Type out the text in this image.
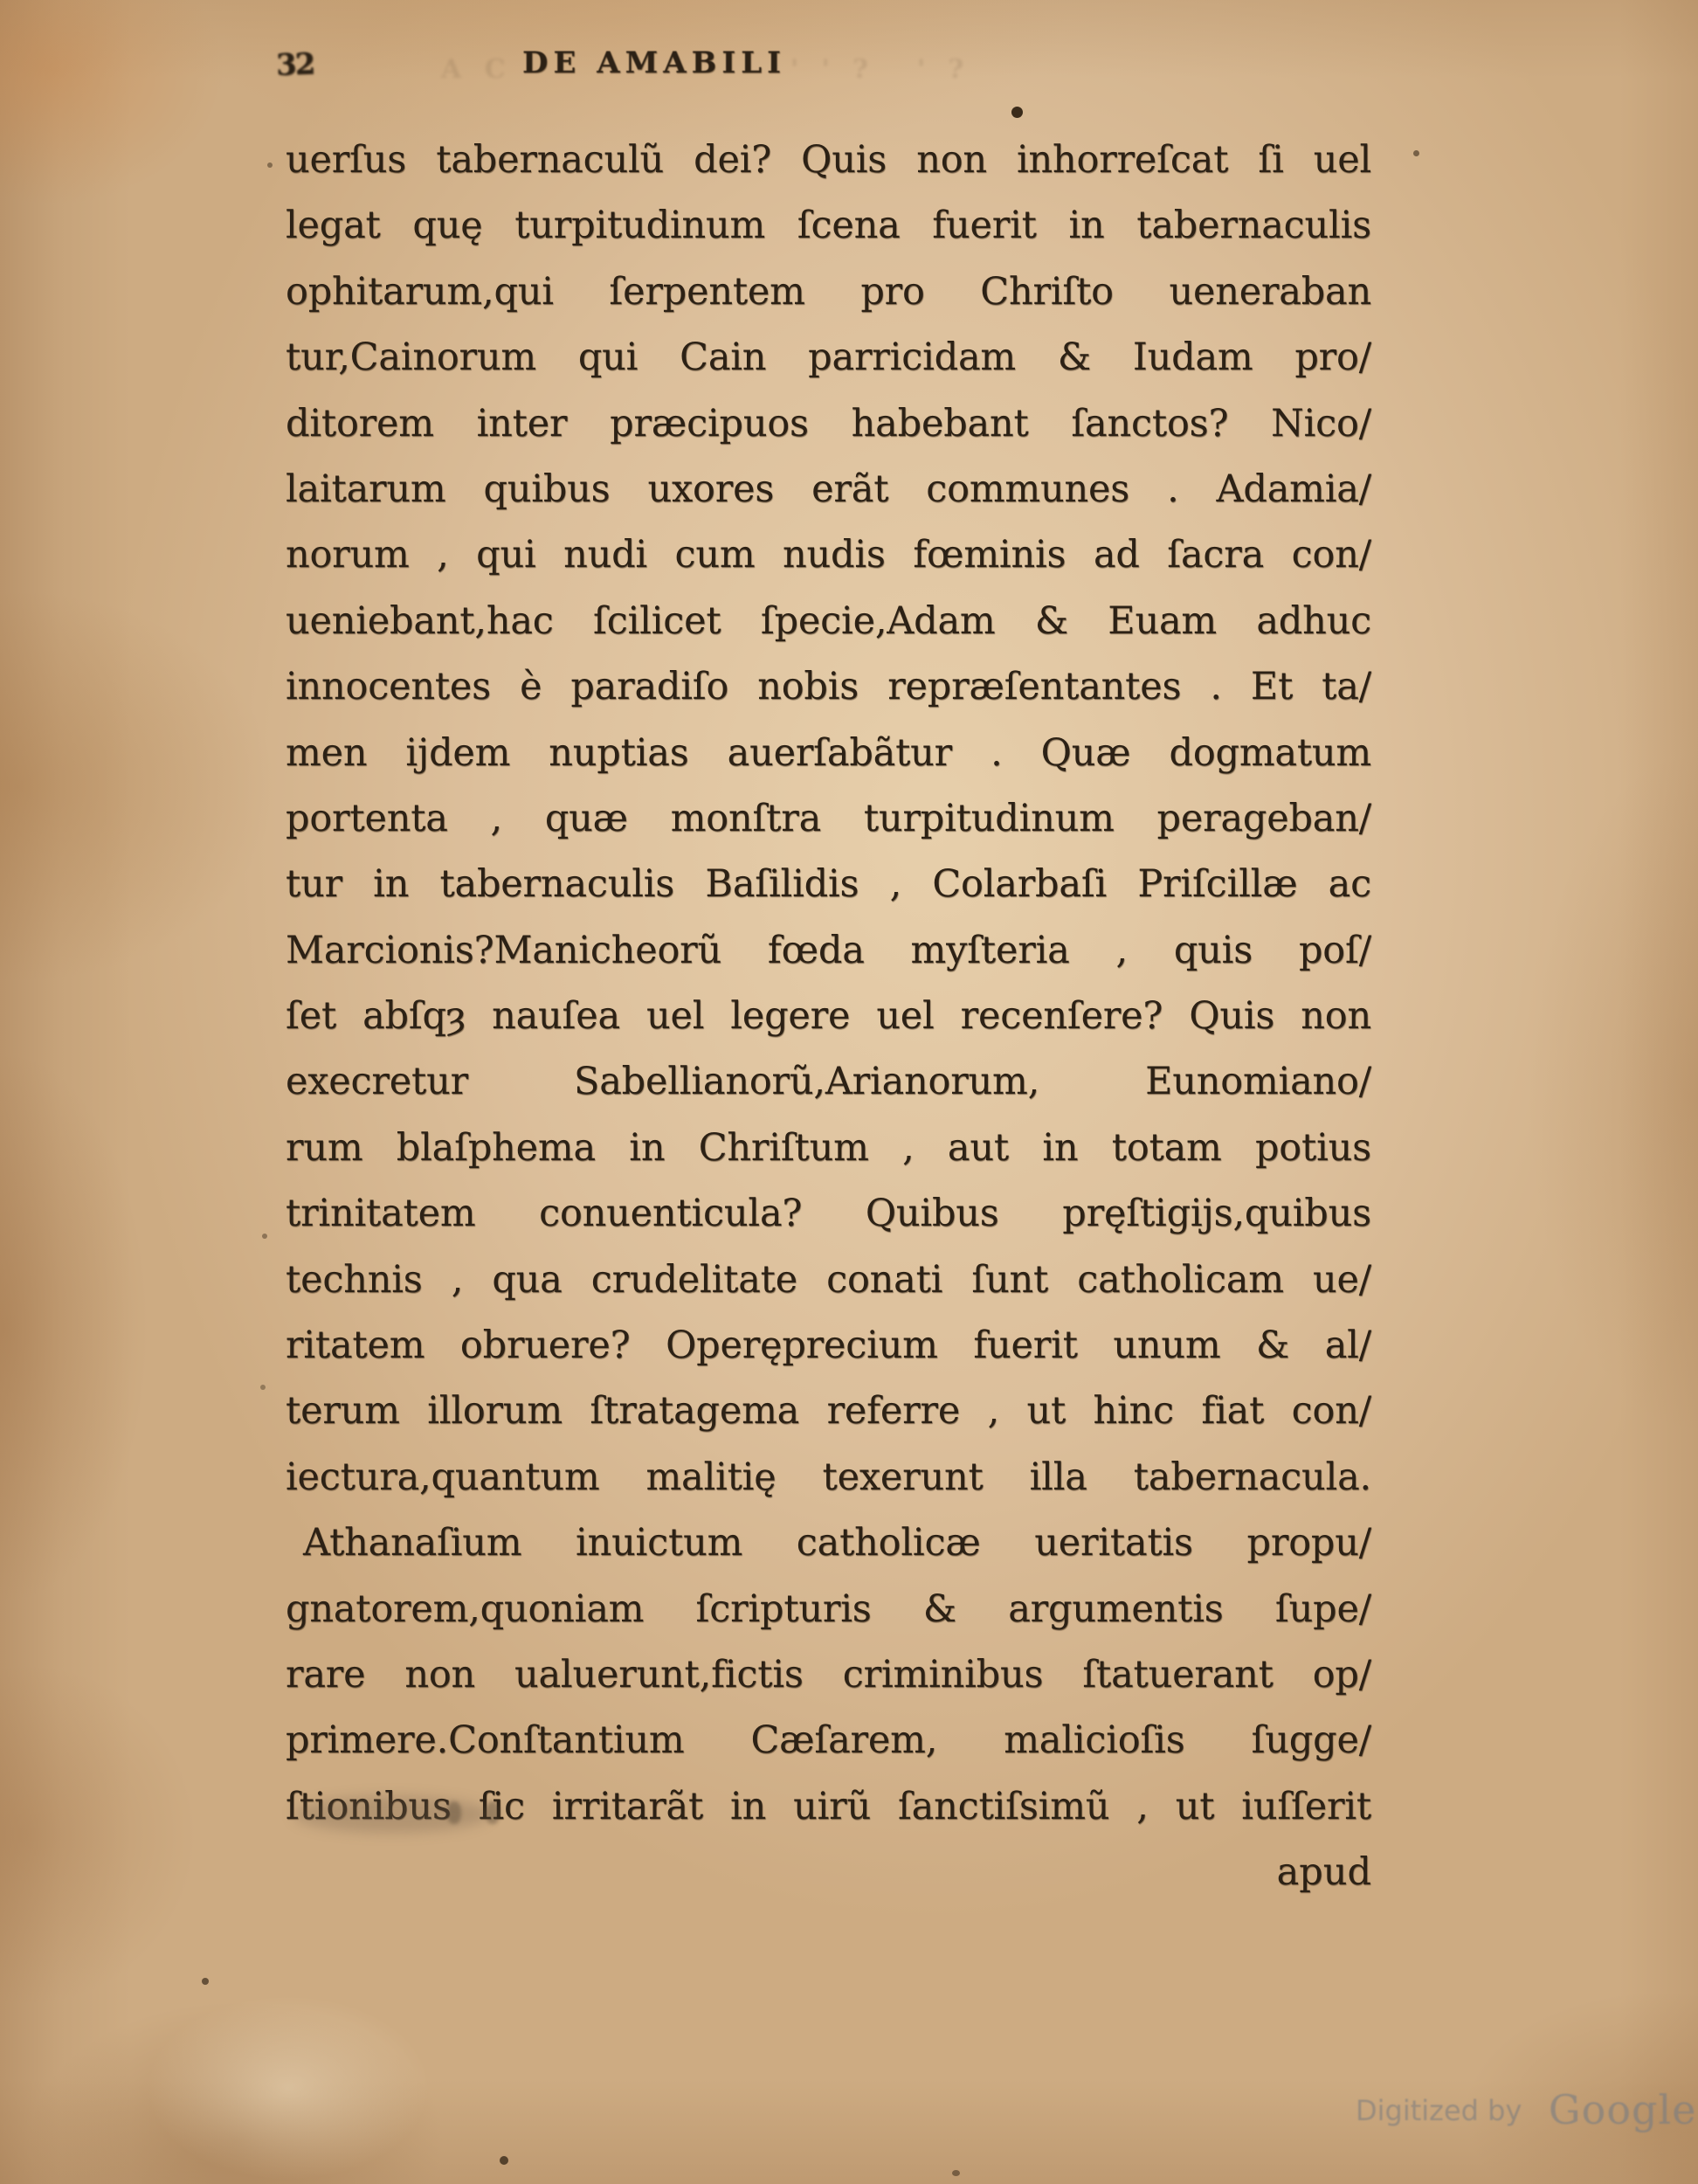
32	DE AMABILI
A C	' ' ? ' ?
uerſus tabernaculũ dei? Quis non inhorreſcat ſi uel
legat quę turpitudinum ſcena fuerit in tabernaculis
ophitarum,qui ſerpentem pro Chriſto ueneraban
tur,Cainorum qui Cain parricidam & Iudam pro/
ditorem inter præcipuos habebant ſanctos? Nico/
laitarum quibus uxores erãt communes . Adamia/
norum , qui nudi cum nudis fœminis ad ſacra con/
ueniebant,hac ſcilicet ſpecie,Adam & Euam adhuc
innocentes è paradiſo nobis repræſentantes . Et ta/
men ijdem nuptias auerſabãtur . Quæ dogmatum
portenta , quæ monſtra turpitudinum perageban/
tur in tabernaculis Baſilidis , Colarbaſi Priſcillæ ac
Marcionis?Manicheorũ fœda myſteria , quis poſ/
ſet abſqȝ nauſea uel legere uel recenſere? Quis non
execretur Sabellianorũ,Arianorum, Eunomiano/
rum blaſphema in Chriſtum , aut in totam potius
trinitatem conuenticula? Quibus pręſtigijs,quibus
technis , qua crudelitate conati ſunt catholicam ue/
ritatem obruere? Operęprecium fuerit unum & al/
terum illorum ſtratagema referre , ut hinc fiat con/
iectura,quantum malitię texerunt illa tabernacula.
Athanaſium inuictum catholicæ ueritatis propu/
gnatorem,quoniam ſcripturis & argumentis ſupe/
rare non ualuerunt,fictis criminibus ſtatuerant op/
primere.Conſtantium Cæſarem, malicioſis ſugge/
ſtionibus ſic irritarãt in uirũ ſanctiſsimũ , ut iuſſerit
apud
Digitized by Google
